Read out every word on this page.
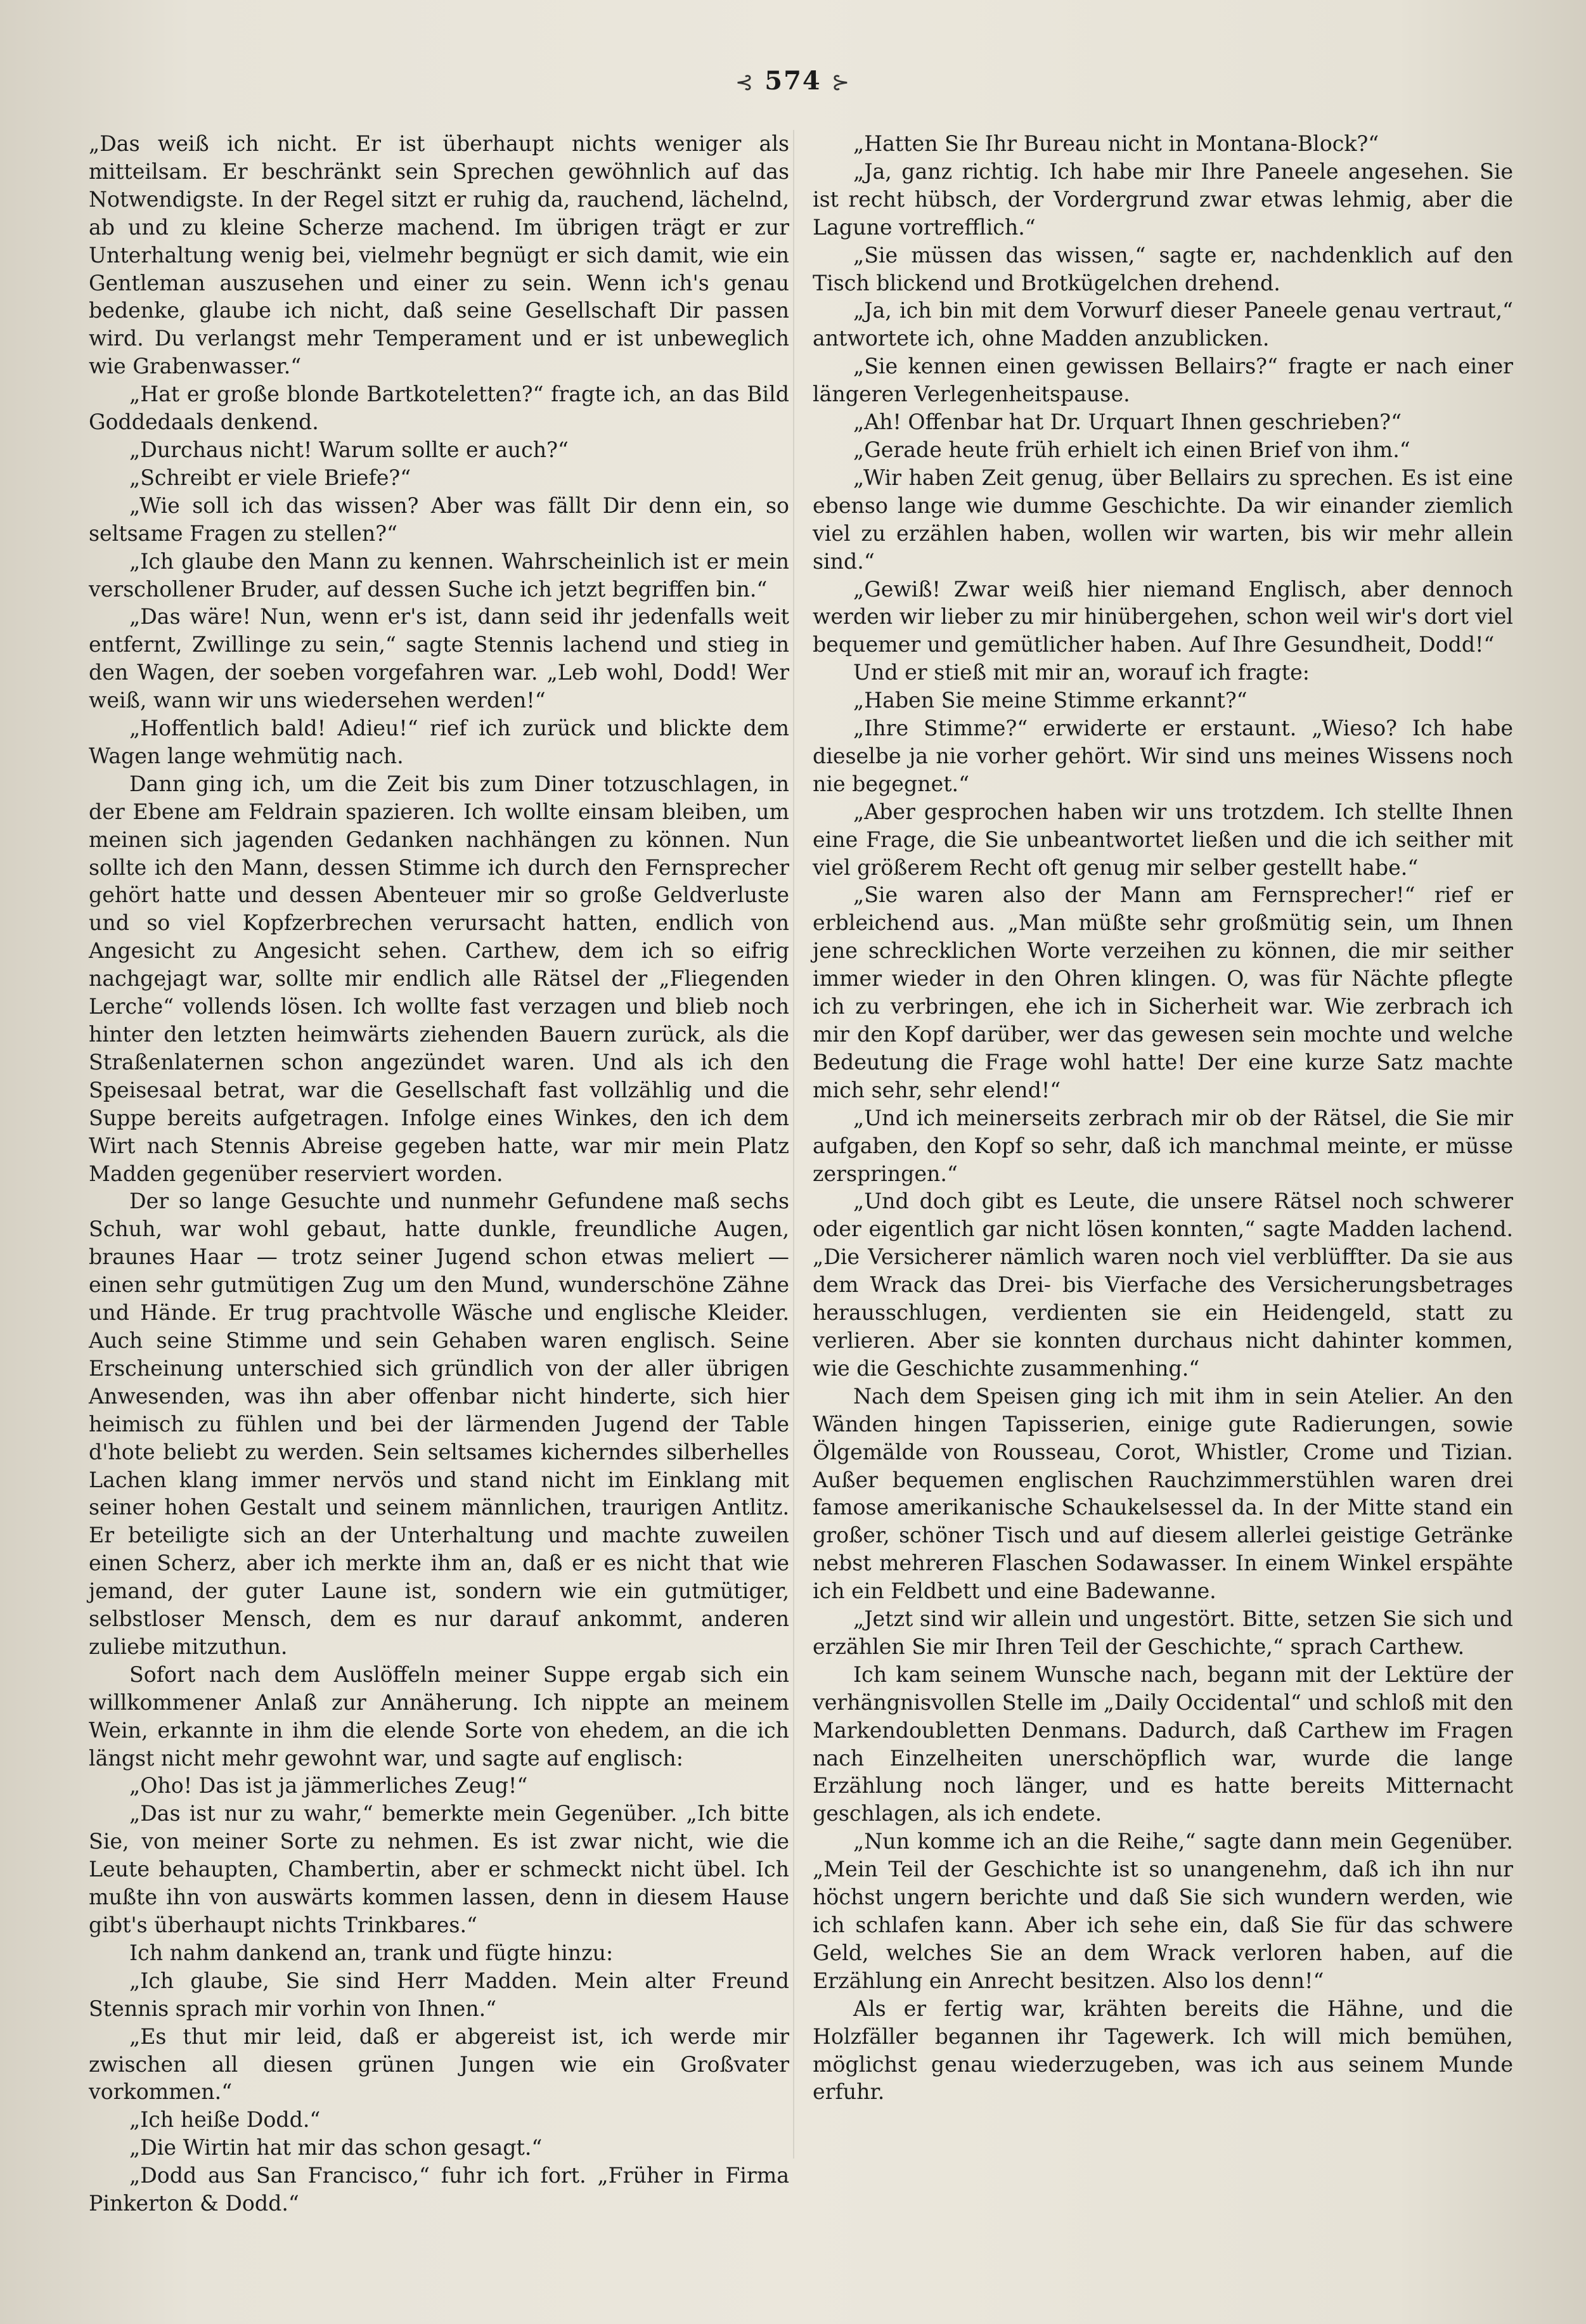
⊰ 574 ⊱

„Das weiß ich nicht. Er ist überhaupt nichts weniger als mitteilsam. Er beschränkt sein Sprechen gewöhnlich auf das Notwendigste. In der Regel sitzt er ruhig da, rauchend, lächelnd, ab und zu kleine Scherze machend. Im übrigen trägt er zur Unterhaltung wenig bei, vielmehr begnügt er sich damit, wie ein Gentleman auszusehen und einer zu sein. Wenn ich's genau bedenke, glaube ich nicht, daß seine Gesellschaft Dir passen wird. Du verlangst mehr Temperament und er ist unbeweglich wie Grabenwasser.“

„Hat er große blonde Bartkoteletten?“ fragte ich, an das Bild Goddedaals denkend.

„Durchaus nicht! Warum sollte er auch?“

„Schreibt er viele Briefe?“

„Wie soll ich das wissen? Aber was fällt Dir denn ein, so seltsame Fragen zu stellen?“

„Ich glaube den Mann zu kennen. Wahrscheinlich ist er mein verschollener Bruder, auf dessen Suche ich jetzt begriffen bin.“

„Das wäre! Nun, wenn er's ist, dann seid ihr jedenfalls weit entfernt, Zwillinge zu sein,“ sagte Stennis lachend und stieg in den Wagen, der soeben vorgefahren war. „Leb wohl, Dodd! Wer weiß, wann wir uns wiedersehen werden!“

„Hoffentlich bald! Adieu!“ rief ich zurück und blickte dem Wagen lange wehmütig nach.

Dann ging ich, um die Zeit bis zum Diner totzuschlagen, in der Ebene am Feldrain spazieren. Ich wollte einsam bleiben, um meinen sich jagenden Gedanken nachhängen zu können. Nun sollte ich den Mann, dessen Stimme ich durch den Fernsprecher gehört hatte und dessen Abenteuer mir so große Geldverluste und so viel Kopfzerbrechen verursacht hatten, endlich von Angesicht zu Angesicht sehen. Carthew, dem ich so eifrig nachgejagt war, sollte mir endlich alle Rätsel der „Fliegenden Lerche“ vollends lösen. Ich wollte fast verzagen und blieb noch hinter den letzten heimwärts ziehenden Bauern zurück, als die Straßenlaternen schon angezündet waren. Und als ich den Speisesaal betrat, war die Gesellschaft fast vollzählig und die Suppe bereits aufgetragen. Infolge eines Winkes, den ich dem Wirt nach Stennis Abreise gegeben hatte, war mir mein Platz Madden gegenüber reserviert worden.

Der so lange Gesuchte und nunmehr Gefundene maß sechs Schuh, war wohl gebaut, hatte dunkle, freundliche Augen, braunes Haar — trotz seiner Jugend schon etwas meliert — einen sehr gutmütigen Zug um den Mund, wunderschöne Zähne und Hände. Er trug prachtvolle Wäsche und englische Kleider. Auch seine Stimme und sein Gehaben waren englisch. Seine Erscheinung unterschied sich gründlich von der aller übrigen Anwesenden, was ihn aber offenbar nicht hinderte, sich hier heimisch zu fühlen und bei der lärmenden Jugend der Table d'hote beliebt zu werden. Sein seltsames kicherndes silberhelles Lachen klang immer nervös und stand nicht im Einklang mit seiner hohen Gestalt und seinem männlichen, traurigen Antlitz. Er beteiligte sich an der Unterhaltung und machte zuweilen einen Scherz, aber ich merkte ihm an, daß er es nicht that wie jemand, der guter Laune ist, sondern wie ein gutmütiger, selbstloser Mensch, dem es nur darauf ankommt, anderen zuliebe mitzuthun.

Sofort nach dem Auslöffeln meiner Suppe ergab sich ein willkommener Anlaß zur Annäherung. Ich nippte an meinem Wein, erkannte in ihm die elende Sorte von ehedem, an die ich längst nicht mehr gewohnt war, und sagte auf englisch:

„Oho! Das ist ja jämmerliches Zeug!“

„Das ist nur zu wahr,“ bemerkte mein Gegenüber. „Ich bitte Sie, von meiner Sorte zu nehmen. Es ist zwar nicht, wie die Leute behaupten, Chambertin, aber er schmeckt nicht übel. Ich mußte ihn von auswärts kommen lassen, denn in diesem Hause gibt's überhaupt nichts Trinkbares.“

Ich nahm dankend an, trank und fügte hinzu:

„Ich glaube, Sie sind Herr Madden. Mein alter Freund Stennis sprach mir vorhin von Ihnen.“

„Es thut mir leid, daß er abgereist ist, ich werde mir zwischen all diesen grünen Jungen wie ein Großvater vorkommen.“

„Ich heiße Dodd.“

„Die Wirtin hat mir das schon gesagt.“

„Dodd aus San Francisco,“ fuhr ich fort. „Früher in Firma Pinkerton & Dodd.“

„Hatten Sie Ihr Bureau nicht in Montana-Block?“

„Ja, ganz richtig. Ich habe mir Ihre Paneele angesehen. Sie ist recht hübsch, der Vordergrund zwar etwas lehmig, aber die Lagune vortrefflich.“

„Sie müssen das wissen,“ sagte er, nachdenklich auf den Tisch blickend und Brotkügelchen drehend.

„Ja, ich bin mit dem Vorwurf dieser Paneele genau vertraut,“ antwortete ich, ohne Madden anzublicken.

„Sie kennen einen gewissen Bellairs?“ fragte er nach einer längeren Verlegenheitspause.

„Ah! Offenbar hat Dr. Urquart Ihnen geschrieben?“

„Gerade heute früh erhielt ich einen Brief von ihm.“

„Wir haben Zeit genug, über Bellairs zu sprechen. Es ist eine ebenso lange wie dumme Geschichte. Da wir einander ziemlich viel zu erzählen haben, wollen wir warten, bis wir mehr allein sind.“

„Gewiß! Zwar weiß hier niemand Englisch, aber dennoch werden wir lieber zu mir hinübergehen, schon weil wir's dort viel bequemer und gemütlicher haben. Auf Ihre Gesundheit, Dodd!“

Und er stieß mit mir an, worauf ich fragte:

„Haben Sie meine Stimme erkannt?“

„Ihre Stimme?“ erwiderte er erstaunt. „Wieso? Ich habe dieselbe ja nie vorher gehört. Wir sind uns meines Wissens noch nie begegnet.“

„Aber gesprochen haben wir uns trotzdem. Ich stellte Ihnen eine Frage, die Sie unbeantwortet ließen und die ich seither mit viel größerem Recht oft genug mir selber gestellt habe.“

„Sie waren also der Mann am Fernsprecher!“ rief er erbleichend aus. „Man müßte sehr großmütig sein, um Ihnen jene schrecklichen Worte verzeihen zu können, die mir seither immer wieder in den Ohren klingen. O, was für Nächte pflegte ich zu verbringen, ehe ich in Sicherheit war. Wie zerbrach ich mir den Kopf darüber, wer das gewesen sein mochte und welche Bedeutung die Frage wohl hatte! Der eine kurze Satz machte mich sehr, sehr elend!“

„Und ich meinerseits zerbrach mir ob der Rätsel, die Sie mir aufgaben, den Kopf so sehr, daß ich manchmal meinte, er müsse zerspringen.“

„Und doch gibt es Leute, die unsere Rätsel noch schwerer oder eigentlich gar nicht lösen konnten,“ sagte Madden lachend. „Die Versicherer nämlich waren noch viel verblüffter. Da sie aus dem Wrack das Drei- bis Vierfache des Versicherungsbetrages herausschlugen, verdienten sie ein Heidengeld, statt zu verlieren. Aber sie konnten durchaus nicht dahinter kommen, wie die Geschichte zusammenhing.“

Nach dem Speisen ging ich mit ihm in sein Atelier. An den Wänden hingen Tapisserien, einige gute Radierungen, sowie Ölgemälde von Rousseau, Corot, Whistler, Crome und Tizian. Außer bequemen englischen Rauchzimmerstühlen waren drei famose amerikanische Schaukelsessel da. In der Mitte stand ein großer, schöner Tisch und auf diesem allerlei geistige Getränke nebst mehreren Flaschen Sodawasser. In einem Winkel erspähte ich ein Feldbett und eine Badewanne.

„Jetzt sind wir allein und ungestört. Bitte, setzen Sie sich und erzählen Sie mir Ihren Teil der Geschichte,“ sprach Carthew.

Ich kam seinem Wunsche nach, begann mit der Lektüre der verhängnisvollen Stelle im „Daily Occidental“ und schloß mit den Markendoubletten Denmans. Dadurch, daß Carthew im Fragen nach Einzelheiten unerschöpflich war, wurde die lange Erzählung noch länger, und es hatte bereits Mitternacht geschlagen, als ich endete.

„Nun komme ich an die Reihe,“ sagte dann mein Gegenüber. „Mein Teil der Geschichte ist so unangenehm, daß ich ihn nur höchst ungern berichte und daß Sie sich wundern werden, wie ich schlafen kann. Aber ich sehe ein, daß Sie für das schwere Geld, welches Sie an dem Wrack verloren haben, auf die Erzählung ein Anrecht besitzen. Also los denn!“

Als er fertig war, krähten bereits die Hähne, und die Holzfäller begannen ihr Tagewerk. Ich will mich bemühen, möglichst genau wiederzugeben, was ich aus seinem Munde erfuhr.
